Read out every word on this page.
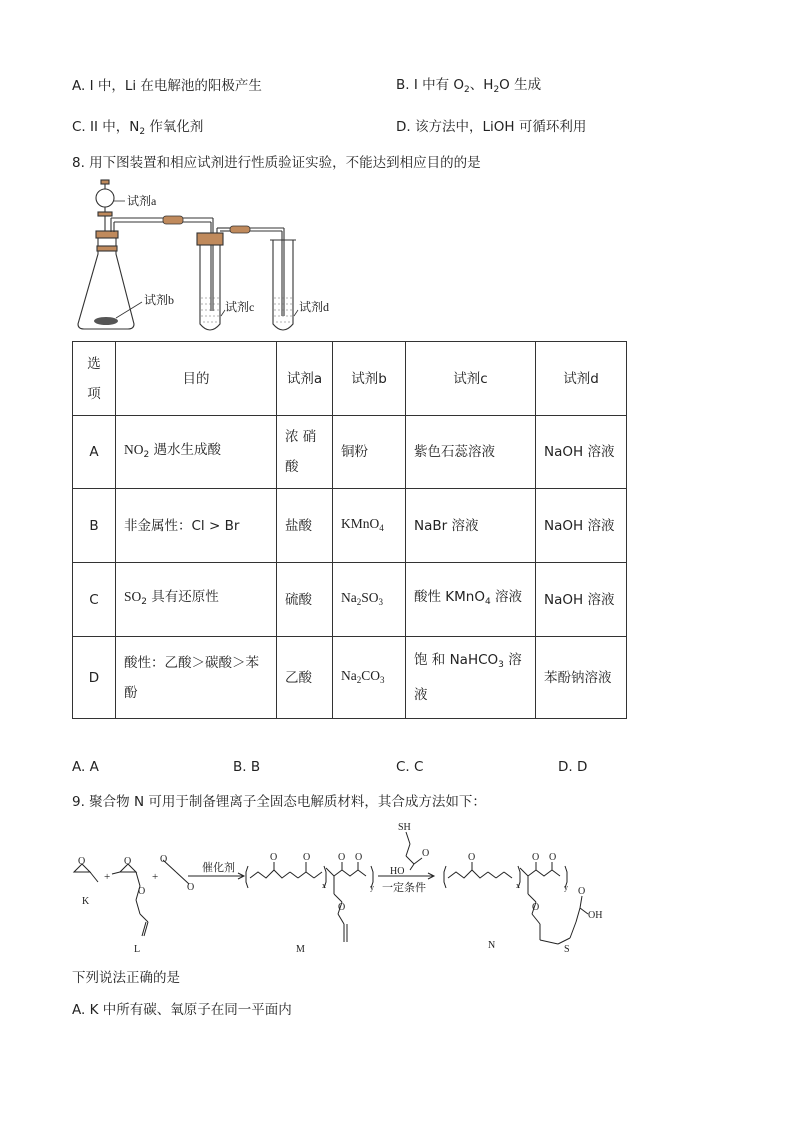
A. I 中，Li 在电解池的阳极产生	B. I 中有 $O_2$、$H_2O$ 生成
C. II 中，$N_2$ 作氧化剂	D. 该方法中，LiOH 可循环利用
8. 用下图装置和相应试剂进行性质验证实验，不能达到相应目的的是
试剂a
试剂b	试剂c	试剂d
选项	目的	试剂a	试剂b	试剂c	试剂d
A	$NO_2$ 遇水生成酸	浓 硝 酸	铜粉	紫色石蕊溶液	NaOH 溶液
B	非金属性：Cl > Br	盐酸	KMnO$_4$	NaBr 溶液	NaOH 溶液
C	$SO_2$ 具有还原性	硫酸	$Na_2SO_3$	酸性 KMnO$_4$ 溶液	NaOH 溶液
D	酸性：乙酸＞碳酸＞苯酚	乙酸	$Na_2CO_3$	饱 和 NaHCO$_3$ 溶液	苯酚钠溶液
A. A	B. B	C. C	D. D
9. 聚合物 N 可用于制备锂离子全固态电解质材料，其合成方法如下：
O	O
O
O
O
O	O	O O
O
x	y
SH
HO
O	O	O O
O
x	y
S
O
OH
K
L	M	N
+	+
催化剂
一定条件
下列说法正确的是
A. K 中所有碳、氧原子在同一平面内
